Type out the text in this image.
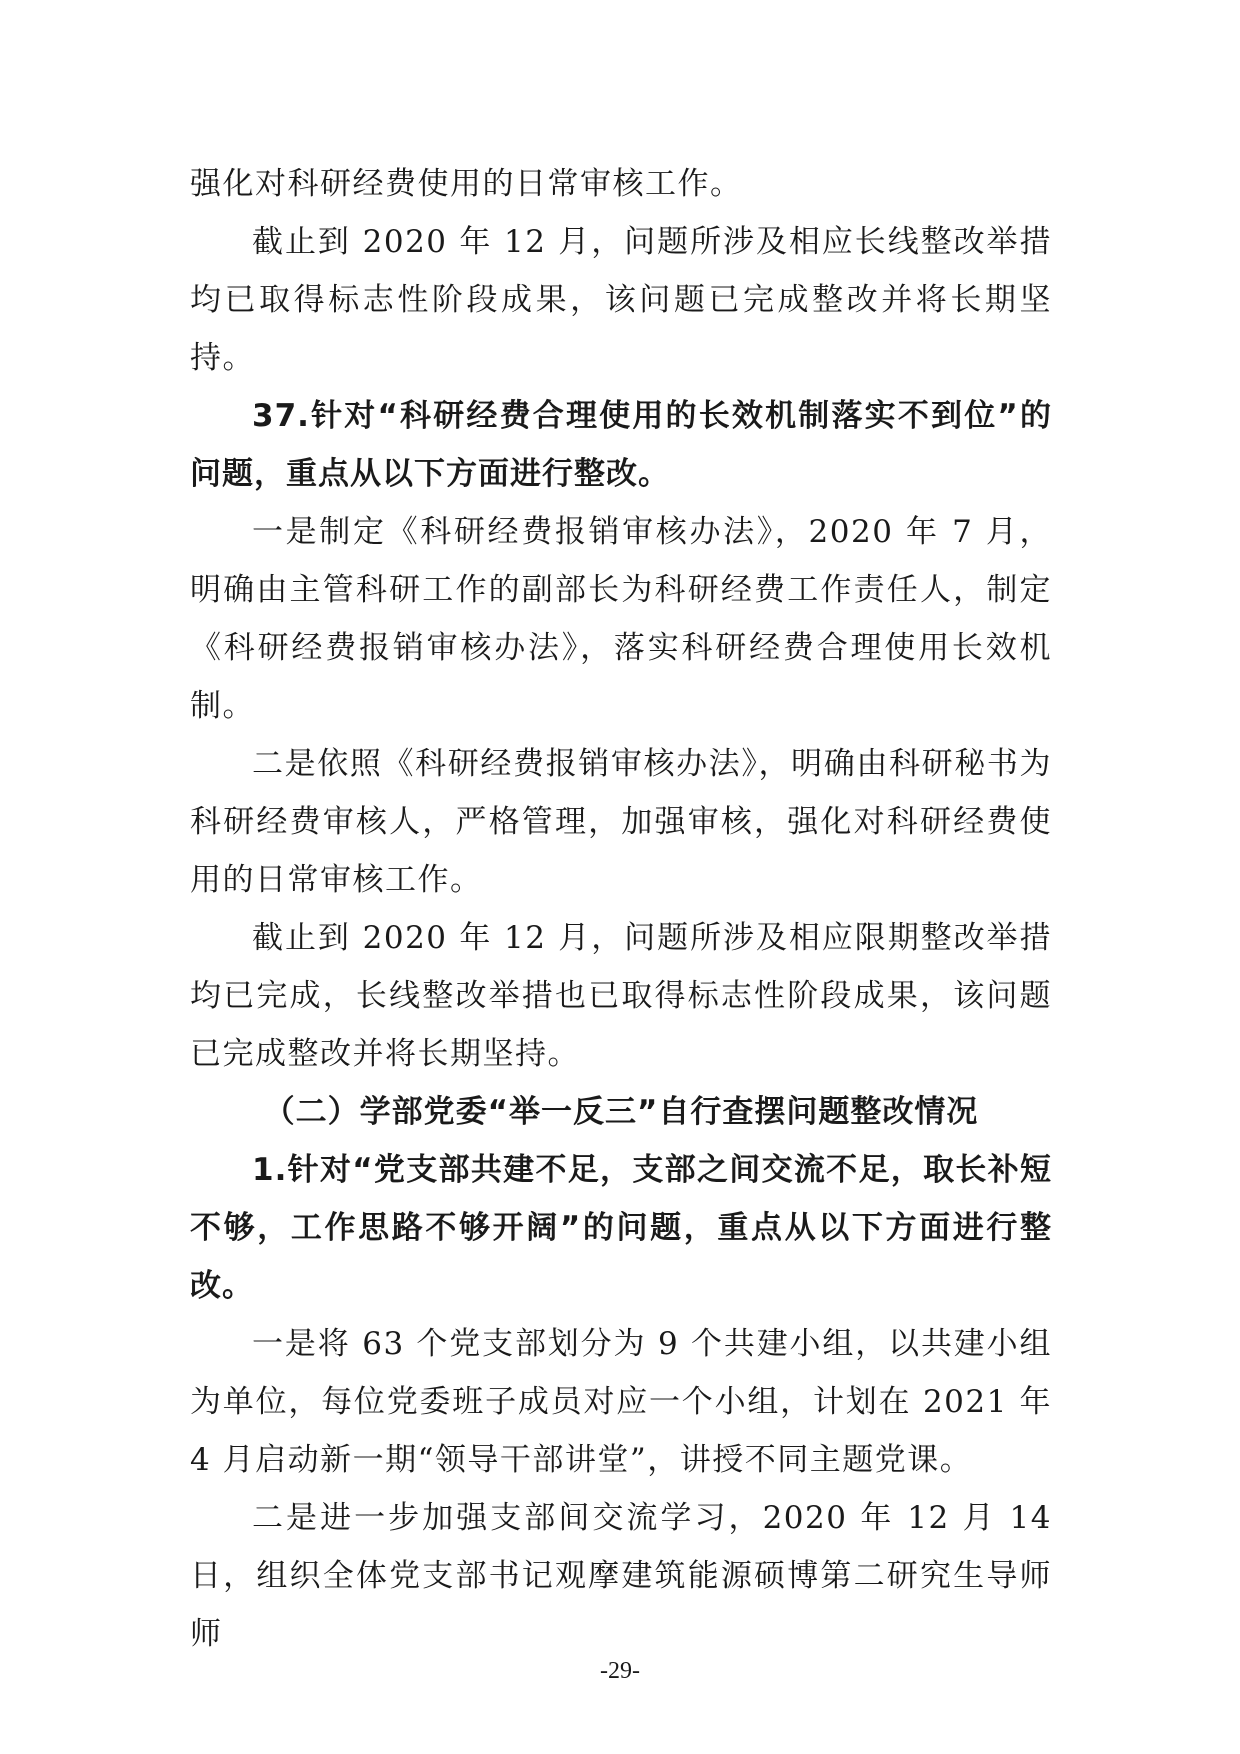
强化对科研经费使用的日常审核工作。

截止到 2020 年 12 月，问题所涉及相应长线整改举措均已取得标志性阶段成果，该问题已完成整改并将长期坚持。

37.针对“科研经费合理使用的长效机制落实不到位”的问题，重点从以下方面进行整改。

一是制定《科研经费报销审核办法》，2020 年 7 月，明确由主管科研工作的副部长为科研经费工作责任人，制定《科研经费报销审核办法》，落实科研经费合理使用长效机制。

二是依照《科研经费报销审核办法》，明确由科研秘书为科研经费审核人，严格管理，加强审核，强化对科研经费使用的日常审核工作。

截止到 2020 年 12 月，问题所涉及相应限期整改举措均已完成，长线整改举措也已取得标志性阶段成果，该问题已完成整改并将长期坚持。

（二）学部党委“举一反三”自行查摆问题整改情况

1.针对“党支部共建不足，支部之间交流不足，取长补短不够，工作思路不够开阔”的问题，重点从以下方面进行整改。

一是将 63 个党支部划分为 9 个共建小组，以共建小组为单位，每位党委班子成员对应一个小组，计划在 2021 年 4 月启动新一期“领导干部讲堂”，讲授不同主题党课。

二是进一步加强支部间交流学习，2020 年 12 月 14 日，组织全体党支部书记观摩建筑能源硕博第二研究生导师师

-29-
